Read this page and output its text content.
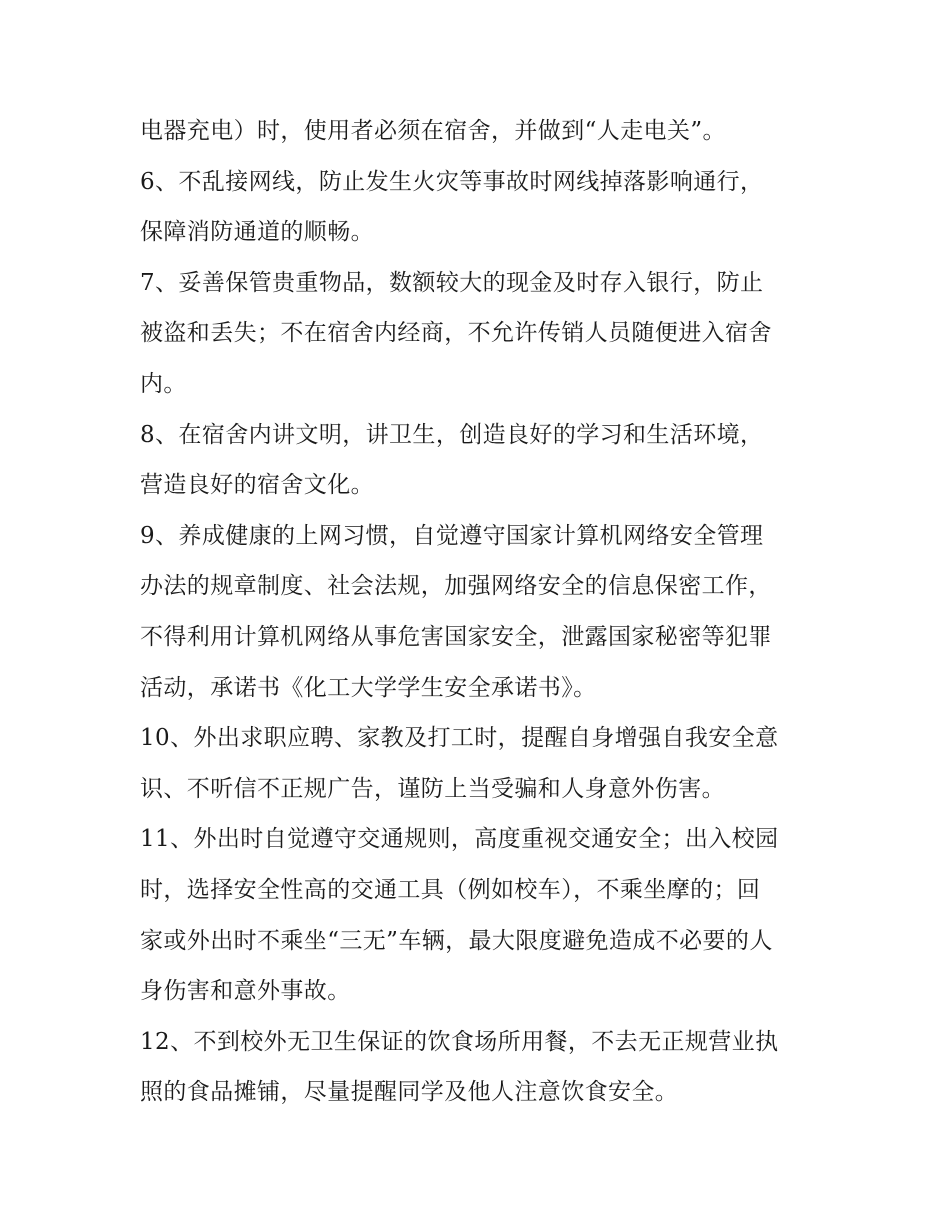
电器充电）时，使用者必须在宿舍，并做到“人走电关”。
6、不乱接网线，防止发生火灾等事故时网线掉落影响通行，
保障消防通道的顺畅。
7、妥善保管贵重物品，数额较大的现金及时存入银行，防止
被盗和丢失；不在宿舍内经商，不允许传销人员随便进入宿舍
内。
8、在宿舍内讲文明，讲卫生，创造良好的学习和生活环境，
营造良好的宿舍文化。
9、养成健康的上网习惯，自觉遵守国家计算机网络安全管理
办法的规章制度、社会法规，加强网络安全的信息保密工作，
不得利用计算机网络从事危害国家安全，泄露国家秘密等犯罪
活动，承诺书《化工大学学生安全承诺书》。
10、外出求职应聘、家教及打工时，提醒自身增强自我安全意
识、不听信不正规广告，谨防上当受骗和人身意外伤害。
11、外出时自觉遵守交通规则，高度重视交通安全；出入校园
时，选择安全性高的交通工具（例如校车），不乘坐摩的；回
家或外出时不乘坐“三无”车辆，最大限度避免造成不必要的人
身伤害和意外事故。
12、不到校外无卫生保证的饮食场所用餐，不去无正规营业执
照的食品摊铺，尽量提醒同学及他人注意饮食安全。
